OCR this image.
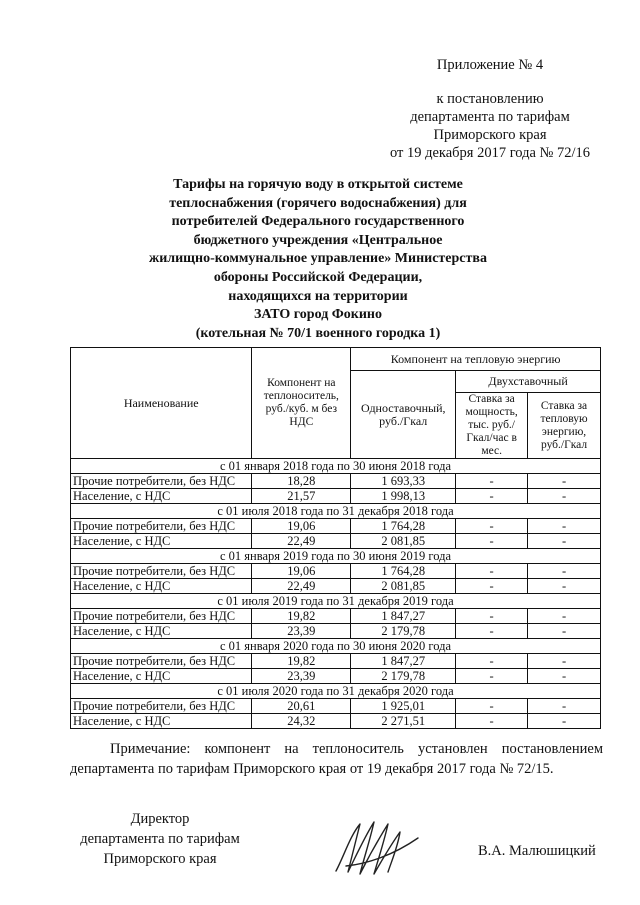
Приложение № 4
к постановлению
департамента по тарифам
Приморского края
от 19 декабря 2017 года № 72/16
Тарифы на горячую воду в открытой системе
теплоснабжения (горячего водоснабжения) для
потребителей Федерального государственного
бюджетного учреждения «Центральное
жилищно-коммунальное управление» Министерства
обороны Российской Федерации,
находящихся на территории
ЗАТО город Фокино
(котельная № 70/1 военного городка 1)
Наименование	Компонент на теплоноситель, руб./куб. м без НДС	Компонент на тепловую энергию		
		Одноставочный, руб./Гкал	Двухставочный	
			Ставка за мощность, тыс. руб./Гкал/час в мес.	Ставка за тепловую энергию, руб./Гкал
с 01 января 2018 года по 30 июня 2018 года				
Прочие потребители, без НДС	18,28	1 693,33	-	-
Население, с НДС	21,57	1 998,13	-	-
с 01 июля 2018 года по 31 декабря 2018 года				
Прочие потребители, без НДС	19,06	1 764,28	-	-
Население, с НДС	22,49	2 081,85	-	-
с 01 января 2019 года по 30 июня 2019 года				
Прочие потребители, без НДС	19,06	1 764,28	-	-
Население, с НДС	22,49	2 081,85	-	-
с 01 июля 2019 года по 31 декабря 2019 года				
Прочие потребители, без НДС	19,82	1 847,27	-	-
Население, с НДС	23,39	2 179,78	-	-
с 01 января 2020 года по 30 июня 2020 года				
Прочие потребители, без НДС	19,82	1 847,27	-	-
Население, с НДС	23,39	2 179,78	-	-
с 01 июля 2020 года по 31 декабря 2020 года				
Прочие потребители, без НДС	20,61	1 925,01	-	-
Население, с НДС	24,32	2 271,51	-	-
Примечание: компонент на теплоноситель установлен постановлением департамента по тарифам Приморского края от 19 декабря 2017 года № 72/15.
Директор
департамента по тарифам
Приморского края	В.А. Малюшицкий
